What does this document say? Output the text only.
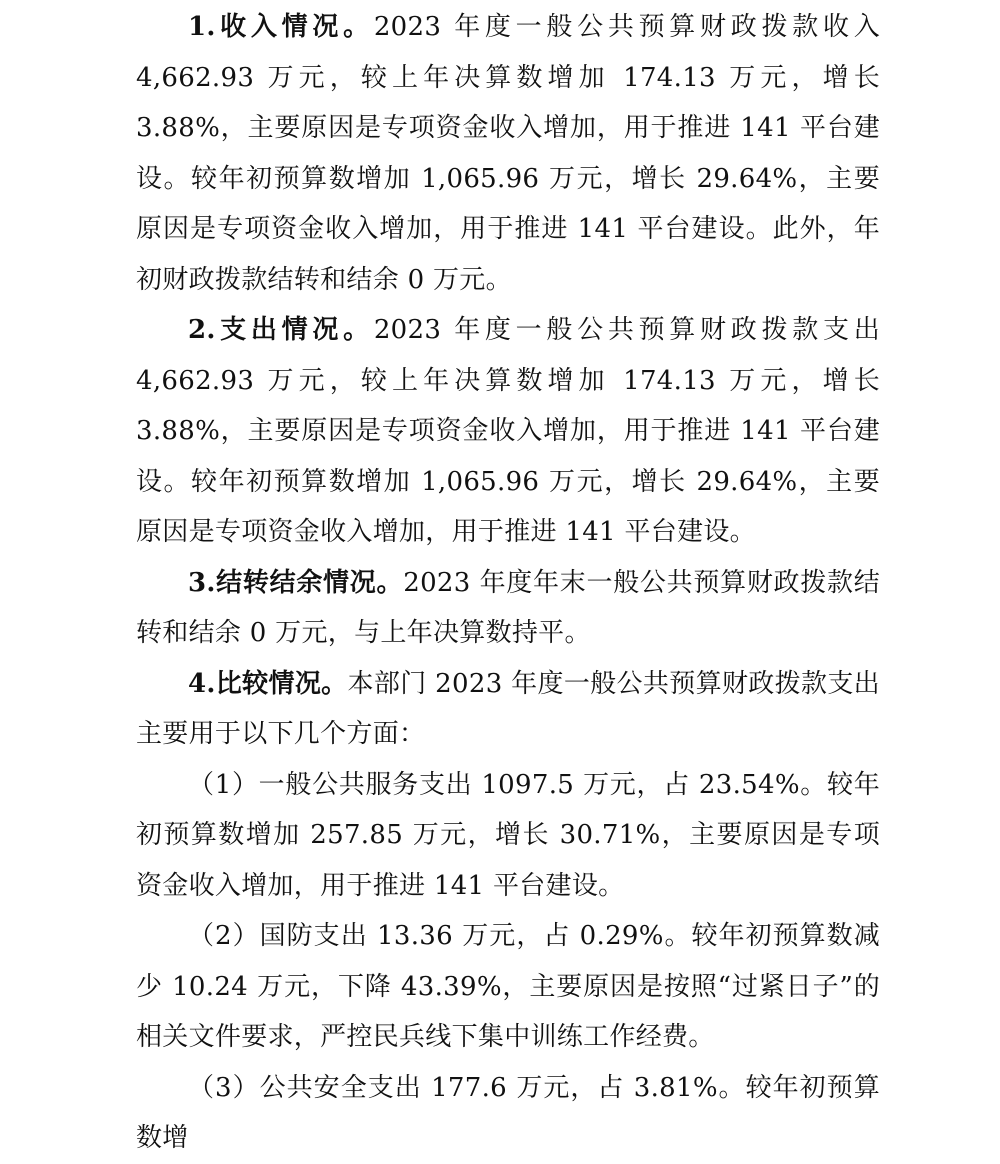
1.收入情况。2023 年度一般公共预算财政拨款收入 4,662.93 万元，较上年决算数增加 174.13 万元，增长 3.88%，主要原因是专项资金收入增加，用于推进 141 平台建设。较年初预算数增加 1,065.96 万元，增长 29.64%，主要原因是专项资金收入增加，用于推进 141 平台建设。此外，年初财政拨款结转和结余 0 万元。

2.支出情况。2023 年度一般公共预算财政拨款支出 4,662.93 万元，较上年决算数增加 174.13 万元，增长 3.88%，主要原因是专项资金收入增加，用于推进 141 平台建设。较年初预算数增加 1,065.96 万元，增长 29.64%，主要原因是专项资金收入增加，用于推进 141 平台建设。

3.结转结余情况。2023 年度年末一般公共预算财政拨款结转和结余 0 万元，与上年决算数持平。

4.比较情况。本部门 2023 年度一般公共预算财政拨款支出主要用于以下几个方面：

（1）一般公共服务支出 1097.5 万元，占 23.54%。较年初预算数增加 257.85 万元，增长 30.71%，主要原因是专项资金收入增加，用于推进 141 平台建设。

（2）国防支出 13.36 万元，占 0.29%。较年初预算数减少 10.24 万元，下降 43.39%，主要原因是按照“过紧日子”的相关文件要求，严控民兵线下集中训练工作经费。

（3）公共安全支出 177.6 万元，占 3.81%。较年初预算数增
